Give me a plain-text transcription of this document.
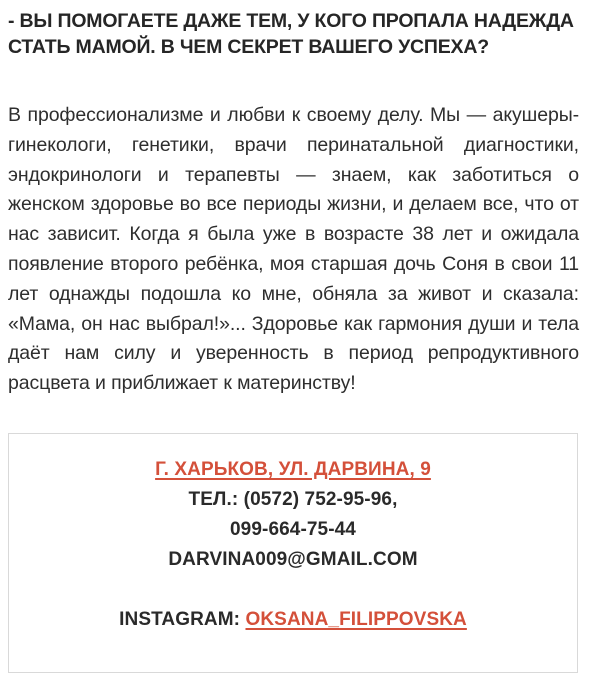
- ВЫ ПОМОГАЕТЕ ДАЖЕ ТЕМ, У КОГО ПРОПАЛА НАДЕЖДА СТАТЬ МАМОЙ. В ЧЕМ СЕКРЕТ ВАШЕГО УСПЕХА?

В профессионализме и любви к своему делу. Мы — акушеры-гинекологи, генетики, врачи перинатальной диагностики, эндокринологи и терапевты — знаем, как заботиться о женском здоровье во все периоды жизни, и делаем все, что от нас зависит. Когда я была уже в возрасте 38 лет и ожидала появление второго ребёнка, моя старшая дочь Соня в свои 11 лет однажды подошла ко мне, обняла за живот и сказала: «Мама, он нас выбрал!»... Здоровье как гармония души и тела даёт нам силу и уверенность в период репродуктивного расцвета и приближает к материнству!

Г. ХАРЬКОВ, УЛ. ДАРВИНА, 9
ТЕЛ.: (0572) 752-95-96,
099-664-75-44
DARVINA009@GMAIL.COM
INSTAGRAM: OKSANA_FILIPPOVSKA
